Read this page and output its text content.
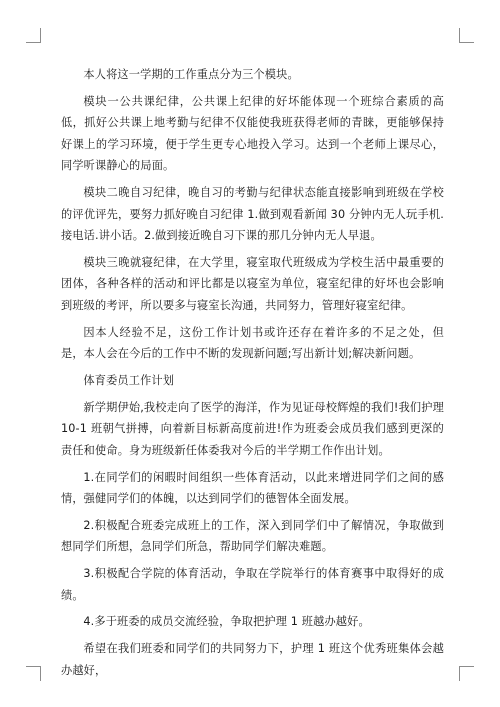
本人将这一学期的工作重点分为三个模块。

模块一公共课纪律，公共课上纪律的好坏能体现一个班综合素质的高低，抓好公共课上地考勤与纪律不仅能使我班获得老师的青睐，更能够保持好课上的学习环境，便于学生更专心地投入学习。达到一个老师上课尽心，同学听课静心的局面。

模块二晚自习纪律，晚自习的考勤与纪律状态能直接影响到班级在学校的评优评先，要努力抓好晚自习纪律 1.做到观看新闻 30 分钟内无人玩手机.接电话.讲小话。2.做到接近晚自习下课的那几分钟内无人早退。

模块三晚就寝纪律，在大学里，寝室取代班级成为学校生活中最重要的团体，各种各样的活动和评比都是以寝室为单位，寝室纪律的好坏也会影响到班级的考评，所以要多与寝室长沟通，共同努力，管理好寝室纪律。

因本人经验不足，这份工作计划书或许还存在着许多的不足之处，但是，本人会在今后的工作中不断的发现新问题;写出新计划;解决新问题。

体育委员工作计划

新学期伊始,我校走向了医学的海洋，作为见证母校辉煌的我们!我们护理 10-1 班朝气拼搏，向着新目标新高度前进!作为班委会成员我们感到更深的责任和使命。身为班级新任体委我对今后的半学期工作作出计划。

1.在同学们的闲暇时间组织一些体育活动，以此来增进同学们之间的感情，强健同学们的体魄，以达到同学们的德智体全面发展。

2.积极配合班委完成班上的工作，深入到同学们中了解情况，争取做到想同学们所想，急同学们所急，帮助同学们解决难题。

3.积极配合学院的体育活动，争取在学院举行的体育赛事中取得好的成绩。

4.多于班委的成员交流经验，争取把护理 1 班越办越好。

希望在我们班委和同学们的共同努力下，护理 1 班这个优秀班集体会越办越好，
